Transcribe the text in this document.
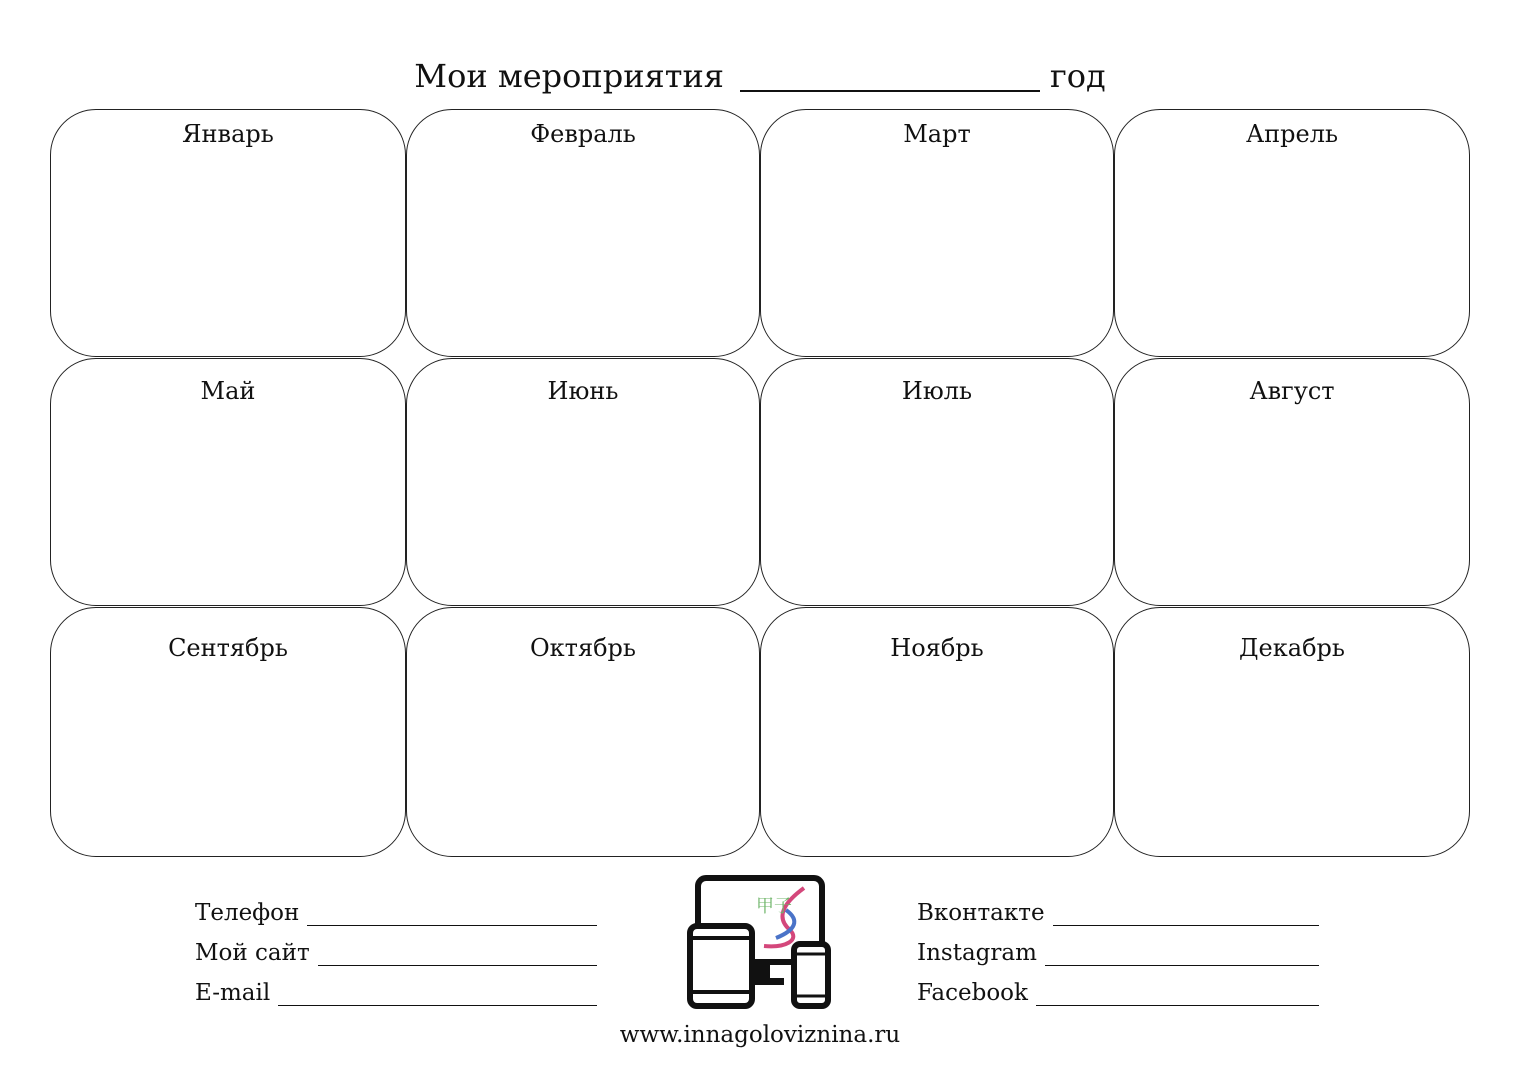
Мои мероприятия	год
Январь	Февраль	Март	Апрель
Май	Июнь	Июль	Август
Сентябрь	Октябрь	Ноябрь	Декабрь
Телефон
Мой сайт
E-mail
Вконтакте
Instagram
Facebook
甲子
www.innagoloviznina.ru
